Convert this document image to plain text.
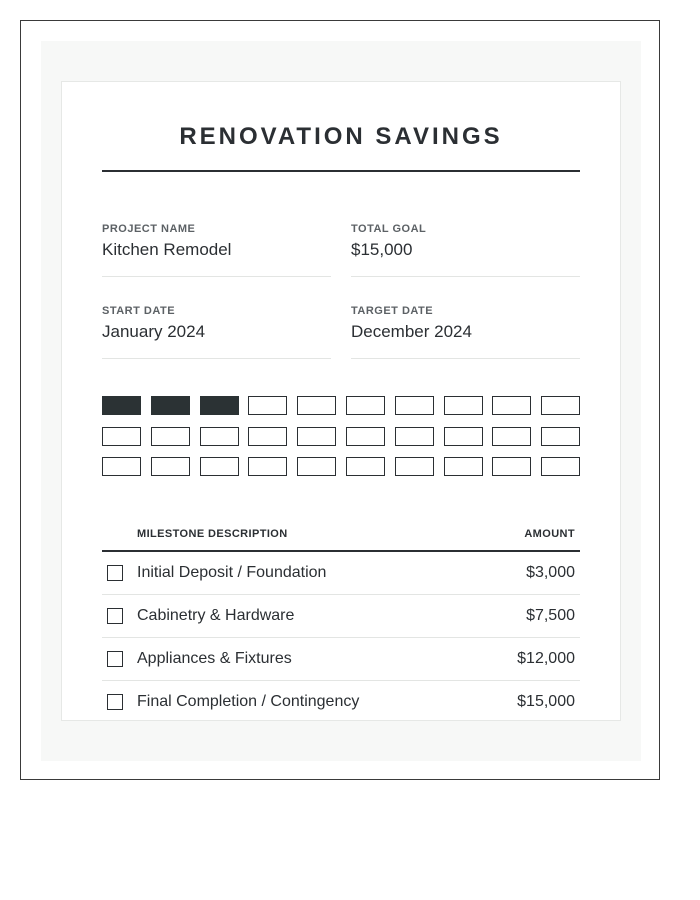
RENOVATION SAVINGS
PROJECT NAME
Kitchen Remodel
TOTAL GOAL
$15,000
START DATE
January 2024
TARGET DATE
December 2024
MILESTONE DESCRIPTION	AMOUNT
Initial Deposit / Foundation	$3,000
Cabinetry & Hardware	$7,500
Appliances & Fixtures	$12,000
Final Completion / Contingency	$15,000
